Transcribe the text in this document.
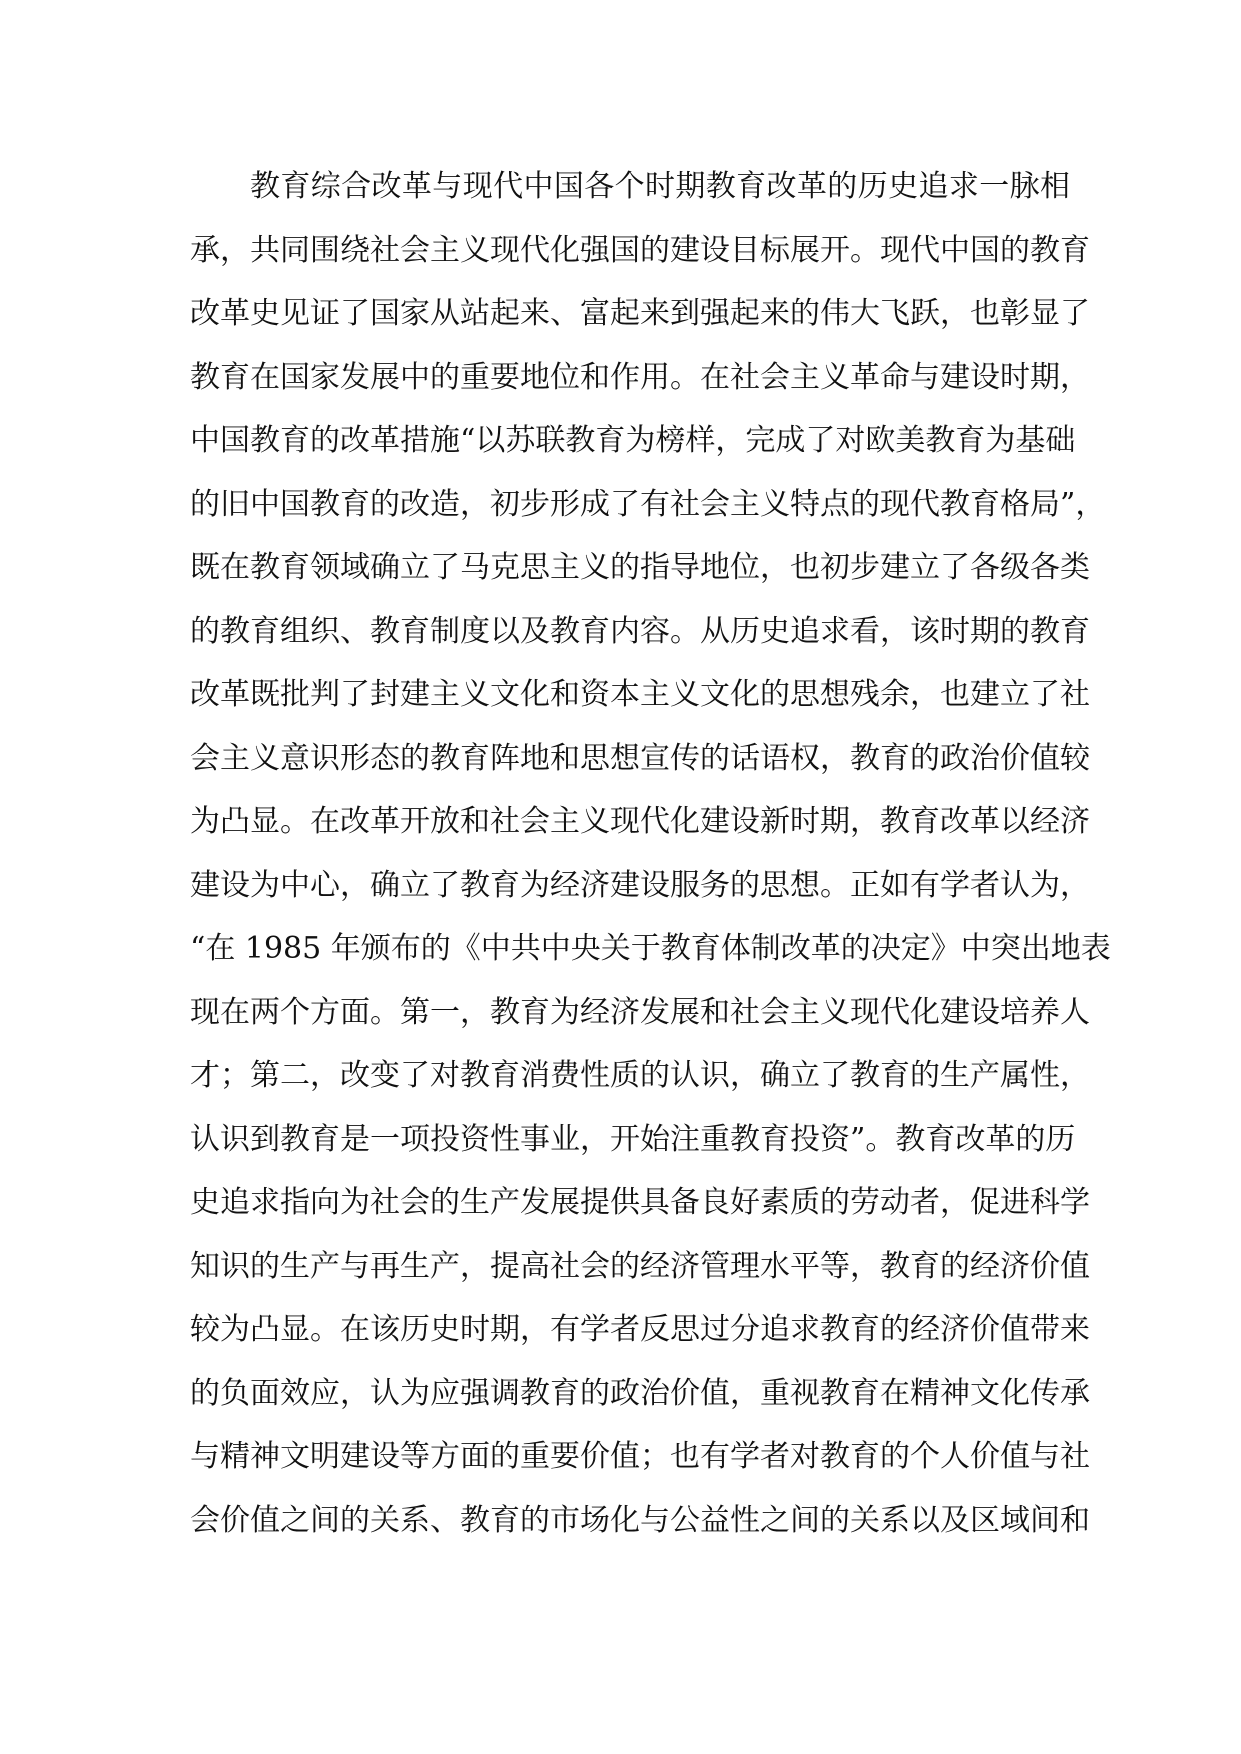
教育综合改革与现代中国各个时期教育改革的历史追求一脉相
承，共同围绕社会主义现代化强国的建设目标展开。现代中国的教育
改革史见证了国家从站起来、富起来到强起来的伟大飞跃，也彰显了
教育在国家发展中的重要地位和作用。在社会主义革命与建设时期，
中国教育的改革措施“以苏联教育为榜样，完成了对欧美教育为基础
的旧中国教育的改造，初步形成了有社会主义特点的现代教育格局”，
既在教育领域确立了马克思主义的指导地位，也初步建立了各级各类
的教育组织、教育制度以及教育内容。从历史追求看，该时期的教育
改革既批判了封建主义文化和资本主义文化的思想残余，也建立了社
会主义意识形态的教育阵地和思想宣传的话语权，教育的政治价值较
为凸显。在改革开放和社会主义现代化建设新时期，教育改革以经济
建设为中心，确立了教育为经济建设服务的思想。正如有学者认为，
“在 1985 年颁布的《中共中央关于教育体制改革的决定》中突出地表
现在两个方面。第一，教育为经济发展和社会主义现代化建设培养人
才；第二，改变了对教育消费性质的认识，确立了教育的生产属性，
认识到教育是一项投资性事业，开始注重教育投资”。教育改革的历
史追求指向为社会的生产发展提供具备良好素质的劳动者，促进科学
知识的生产与再生产，提高社会的经济管理水平等，教育的经济价值
较为凸显。在该历史时期，有学者反思过分追求教育的经济价值带来
的负面效应，认为应强调教育的政治价值，重视教育在精神文化传承
与精神文明建设等方面的重要价值；也有学者对教育的个人价值与社
会价值之间的关系、教育的市场化与公益性之间的关系以及区域间和
